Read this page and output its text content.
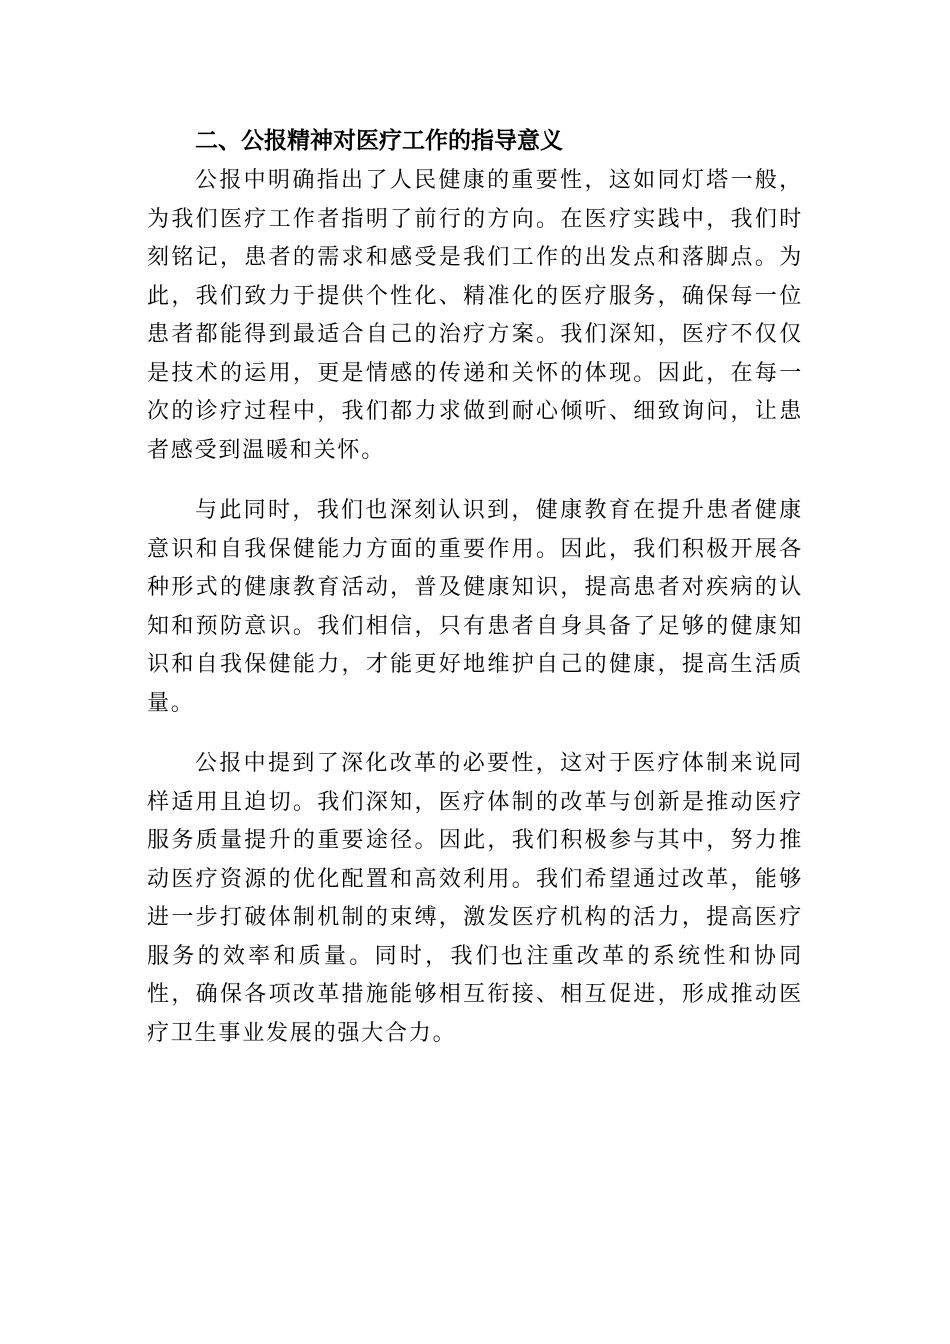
二、公报精神对医疗工作的指导意义

公报中明确指出了人民健康的重要性，这如同灯塔一般，为我们医疗工作者指明了前行的方向。在医疗实践中，我们时刻铭记，患者的需求和感受是我们工作的出发点和落脚点。为此，我们致力于提供个性化、精准化的医疗服务，确保每一位患者都能得到最适合自己的治疗方案。我们深知，医疗不仅仅是技术的运用，更是情感的传递和关怀的体现。因此，在每一次的诊疗过程中，我们都力求做到耐心倾听、细致询问，让患者感受到温暖和关怀。

与此同时，我们也深刻认识到，健康教育在提升患者健康意识和自我保健能力方面的重要作用。因此，我们积极开展各种形式的健康教育活动，普及健康知识，提高患者对疾病的认知和预防意识。我们相信，只有患者自身具备了足够的健康知识和自我保健能力，才能更好地维护自己的健康，提高生活质量。

公报中提到了深化改革的必要性，这对于医疗体制来说同样适用且迫切。我们深知，医疗体制的改革与创新是推动医疗服务质量提升的重要途径。因此，我们积极参与其中，努力推动医疗资源的优化配置和高效利用。我们希望通过改革，能够进一步打破体制机制的束缚，激发医疗机构的活力，提高医疗服务的效率和质量。同时，我们也注重改革的系统性和协同性，确保各项改革措施能够相互衔接、相互促进，形成推动医疗卫生事业发展的强大合力。
